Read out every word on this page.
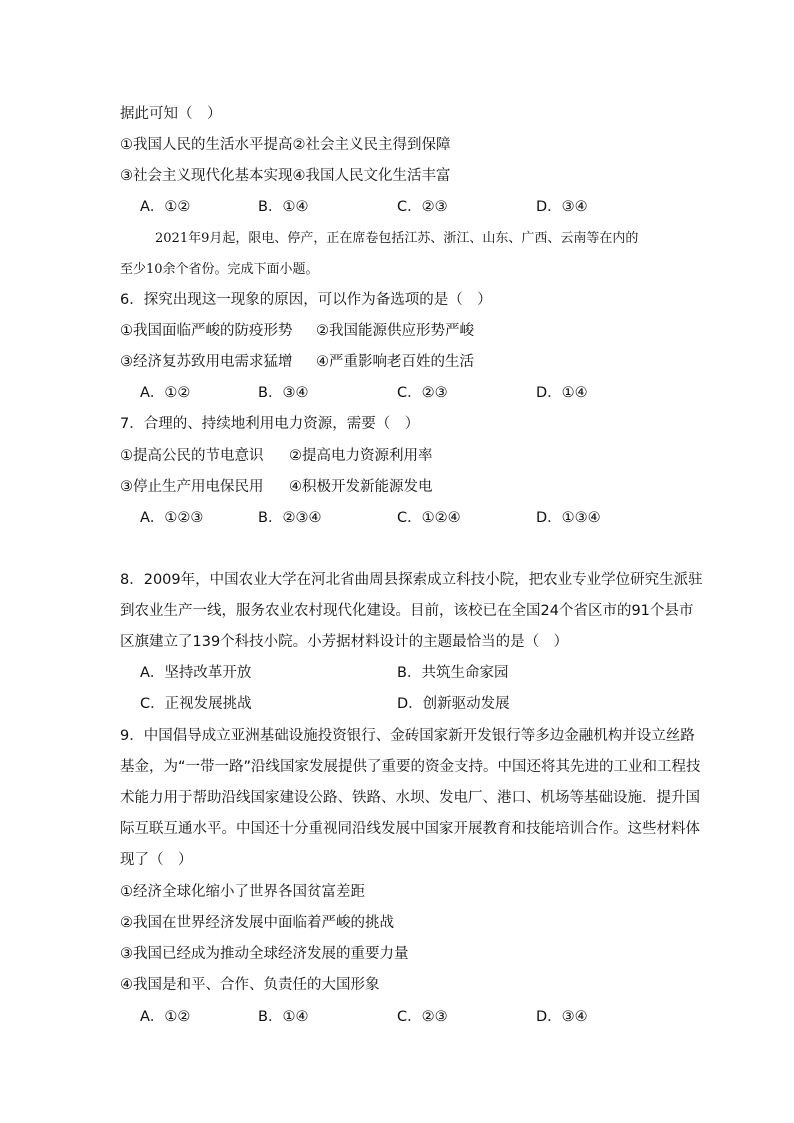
据此可知（　）
①我国人民的生活水平提高②社会主义民主得到保障
③社会主义现代化基本实现④我国人民文化生活丰富
A．①②	B．①④	C．②③	D．③④
2021年9月起，限电、停产，正在席卷包括江苏、浙江、山东、广西、云南等在内的
至少10余个省份。完成下面小题。
6．探究出现这一现象的原因，可以作为备选项的是（　）
①我国面临严峻的防疫形势 ②我国能源供应形势严峻
③经济复苏致用电需求猛增 ④严重影响老百姓的生活
A．①②	B．③④	C．②③	D．①④
7．合理的、持续地利用电力资源，需要（　）
①提高公民的节电意识 ②提高电力资源利用率
③停止生产用电保民用 ④积极开发新能源发电
A．①②③	B．②③④	C．①②④	D．①③④
8．2009年，中国农业大学在河北省曲周县探索成立科技小院，把农业专业学位研究生派驻
到农业生产一线，服务农业农村现代化建设。目前，该校已在全国24个省区市的91个县市
区旗建立了139个科技小院。小芳据材料设计的主题最恰当的是（　）
A．坚持改革开放	B．共筑生命家园
C．正视发展挑战	D．创新驱动发展
9．中国倡导成立亚洲基础设施投资银行、金砖国家新开发银行等多边金融机构并设立丝路
基金，为“一带一路”沿线国家发展提供了重要的资金支持。中国还将其先进的工业和工程技
术能力用于帮助沿线国家建设公路、铁路、水坝、发电厂、港口、机场等基础设施．提升国
际互联互通水平。中国还十分重视同沿线发展中国家开展教育和技能培训合作。这些材料体
现了（　）
①经济全球化缩小了世界各国贫富差距
②我国在世界经济发展中面临着严峻的挑战
③我国已经成为推动全球经济发展的重要力量
④我国是和平、合作、负责任的大国形象
A．①②	B．①④	C．②③	D．③④
